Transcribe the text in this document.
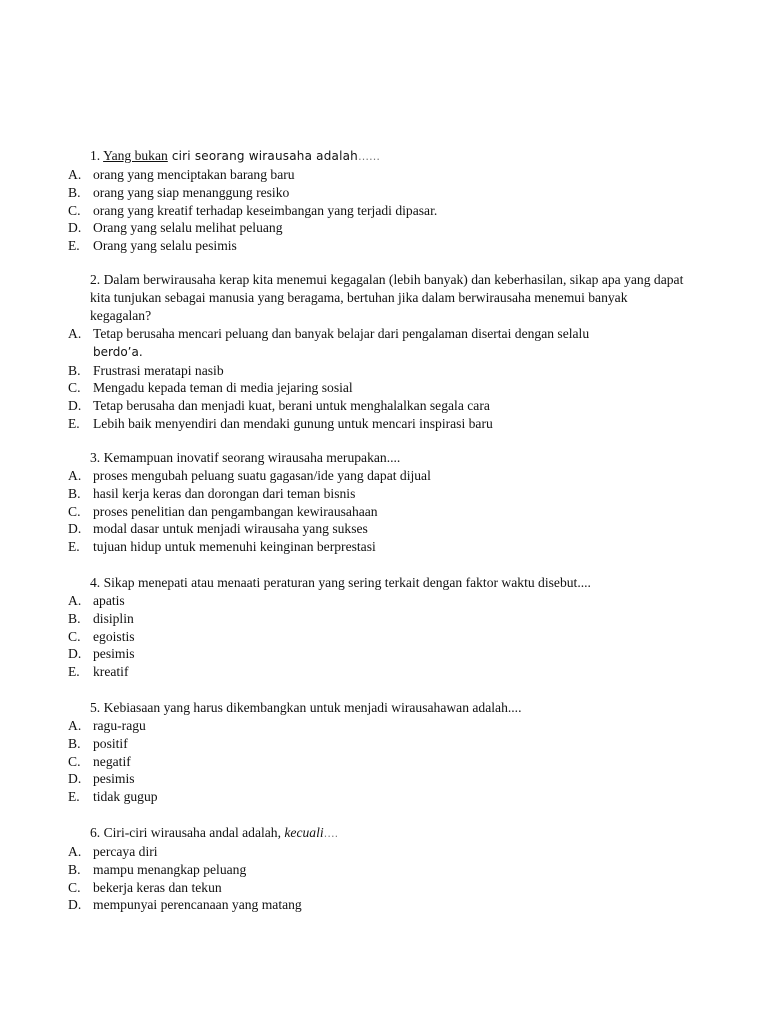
1. Yang bukan ciri seorang wirausaha adalah……

A. orang yang menciptakan barang baru
B. orang yang siap menanggung resiko
C. orang yang kreatif terhadap keseimbangan yang terjadi dipasar.
D. Orang yang selalu melihat peluang
E. Orang yang selalu pesimis

2. Dalam berwirausaha kerap kita menemui kegagalan (lebih banyak) dan keberhasilan, sikap apa yang dapat kita tunjukan sebagai manusia yang beragama, bertuhan jika dalam berwirausaha menemui banyak kegagalan?

A. Tetap berusaha mencari peluang dan banyak belajar dari pengalaman disertai dengan selalu
berdo’a.
B. Frustrasi meratapi nasib
C. Mengadu kepada teman di media jejaring sosial
D. Tetap berusaha dan menjadi kuat, berani untuk menghalalkan segala cara
E. Lebih baik menyendiri dan mendaki gunung untuk mencari inspirasi baru

3. Kemampuan inovatif seorang wirausaha merupakan....

A. proses mengubah peluang suatu gagasan/ide yang dapat dijual
B. hasil kerja keras dan dorongan dari teman bisnis
C. proses penelitian dan pengambangan kewirausahaan
D. modal dasar untuk menjadi wirausaha yang sukses
E. tujuan hidup untuk memenuhi keinginan berprestasi

4. Sikap menepati atau menaati peraturan yang sering terkait dengan faktor waktu disebut....

A. apatis
B. disiplin
C. egoistis
D. pesimis
E. kreatif

5. Kebiasaan yang harus dikembangkan untuk menjadi wirausahawan adalah....

A. ragu-ragu
B. positif
C. negatif
D. pesimis
E. tidak gugup

6. Ciri-ciri wirausaha andal adalah, kecuali….

A. percaya diri
B. mampu menangkap peluang
C. bekerja keras dan tekun
D. mempunyai perencanaan yang matang
